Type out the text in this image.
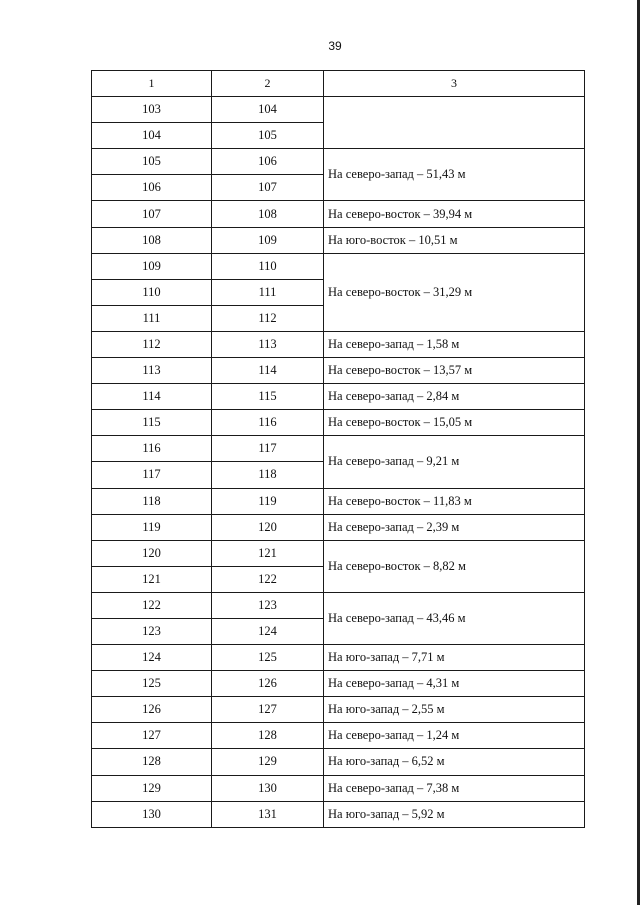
39
1	2	3
103	104	
104	105	
105	106	На северо-запад – 51,43 м
106	107	
107	108	На северо-восток – 39,94 м
108	109	На юго-восток – 10,51 м
109	110	На северо-восток – 31,29 м
110	111	
111	112	
112	113	На северо-запад – 1,58 м
113	114	На северо-восток – 13,57 м
114	115	На северо-запад – 2,84 м
115	116	На северо-восток – 15,05 м
116	117	На северо-запад – 9,21 м
117	118	
118	119	На северо-восток – 11,83 м
119	120	На северо-запад – 2,39 м
120	121	На северо-восток – 8,82 м
121	122	
122	123	На северо-запад – 43,46 м
123	124	
124	125	На юго-запад – 7,71 м
125	126	На северо-запад – 4,31 м
126	127	На юго-запад – 2,55 м
127	128	На северо-запад – 1,24 м
128	129	На юго-запад – 6,52 м
129	130	На северо-запад – 7,38 м
130	131	На юго-запад – 5,92 м
